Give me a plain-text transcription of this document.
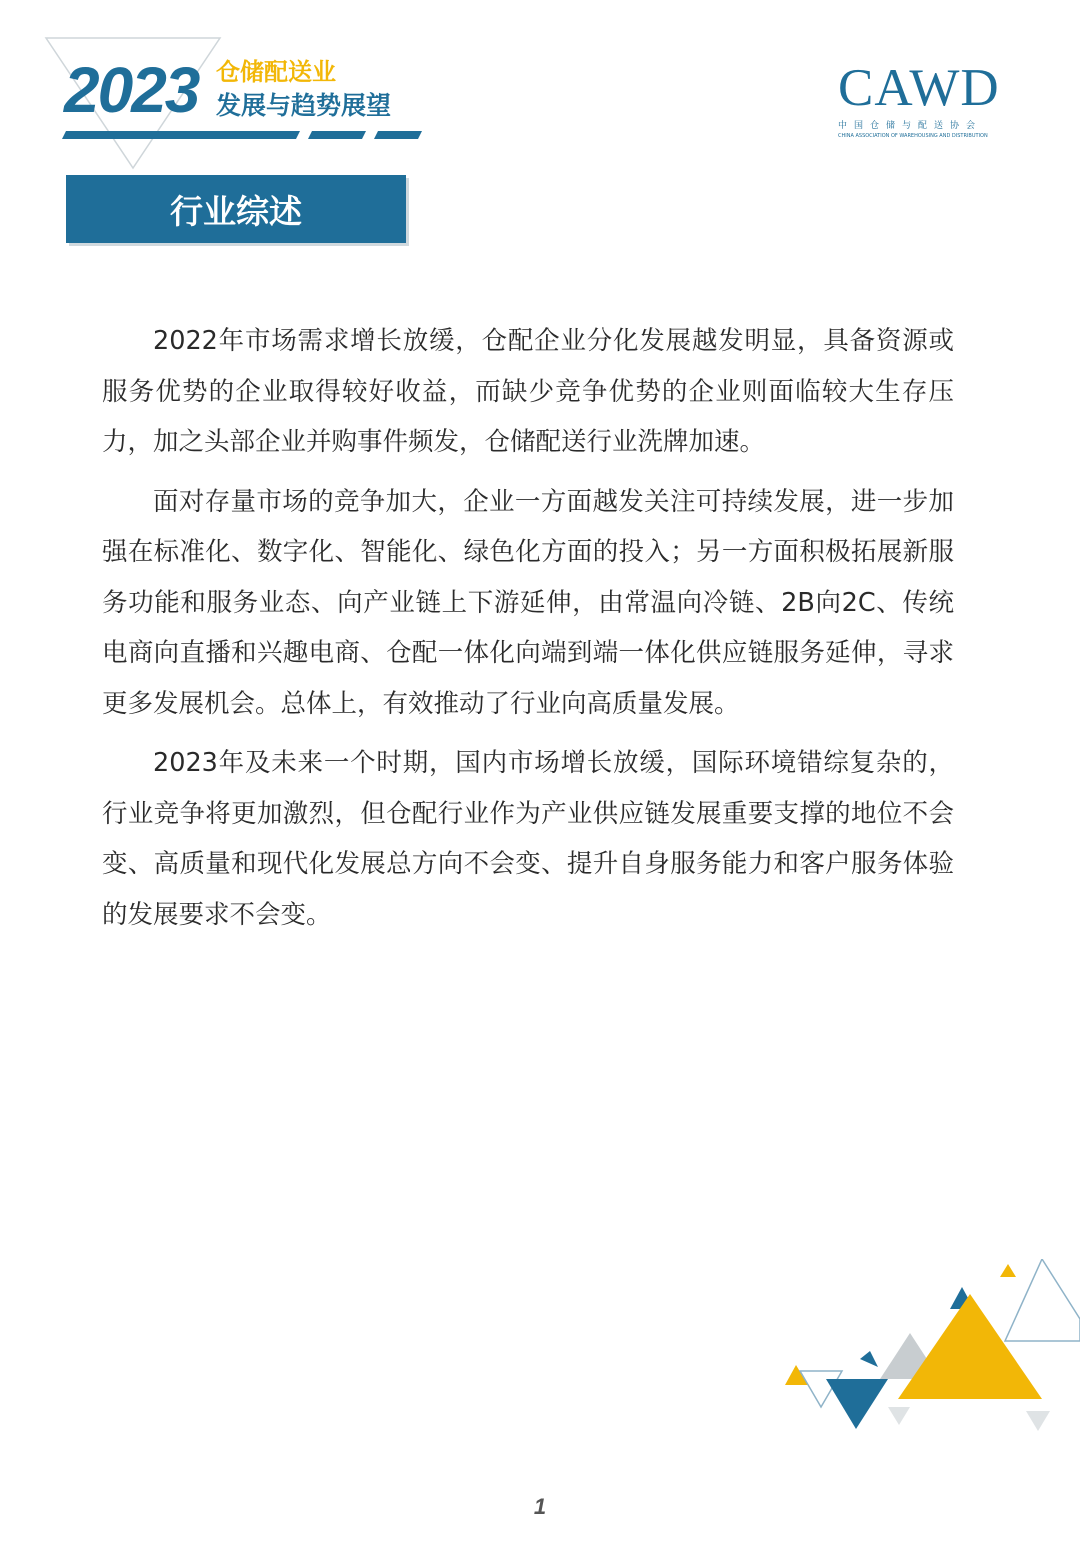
2023 仓储配送业
发展与趋势展望	CAWD
中国仓储与配送协会
CHINA ASSOCIATION OF WAREHOUSING AND DISTRIBUTION
行业综述

2022年市场需求增长放缓，仓配企业分化发展越发明显，具备资源或服务优势的企业取得较好收益，而缺少竞争优势的企业则面临较大生存压力，加之头部企业并购事件频发，仓储配送行业洗牌加速。

面对存量市场的竞争加大，企业一方面越发关注可持续发展，进一步加强在标准化、数字化、智能化、绿色化方面的投入；另一方面积极拓展新服务功能和服务业态、向产业链上下游延伸，由常温向冷链、2B向2C、传统电商向直播和兴趣电商、仓配一体化向端到端一体化供应链服务延伸，寻求更多发展机会。总体上，有效推动了行业向高质量发展。

2023年及未来一个时期，国内市场增长放缓，国际环境错综复杂的，行业竞争将更加激烈，但仓配行业作为产业供应链发展重要支撑的地位不会变、高质量和现代化发展总方向不会变、提升自身服务能力和客户服务体验的发展要求不会变。

1
